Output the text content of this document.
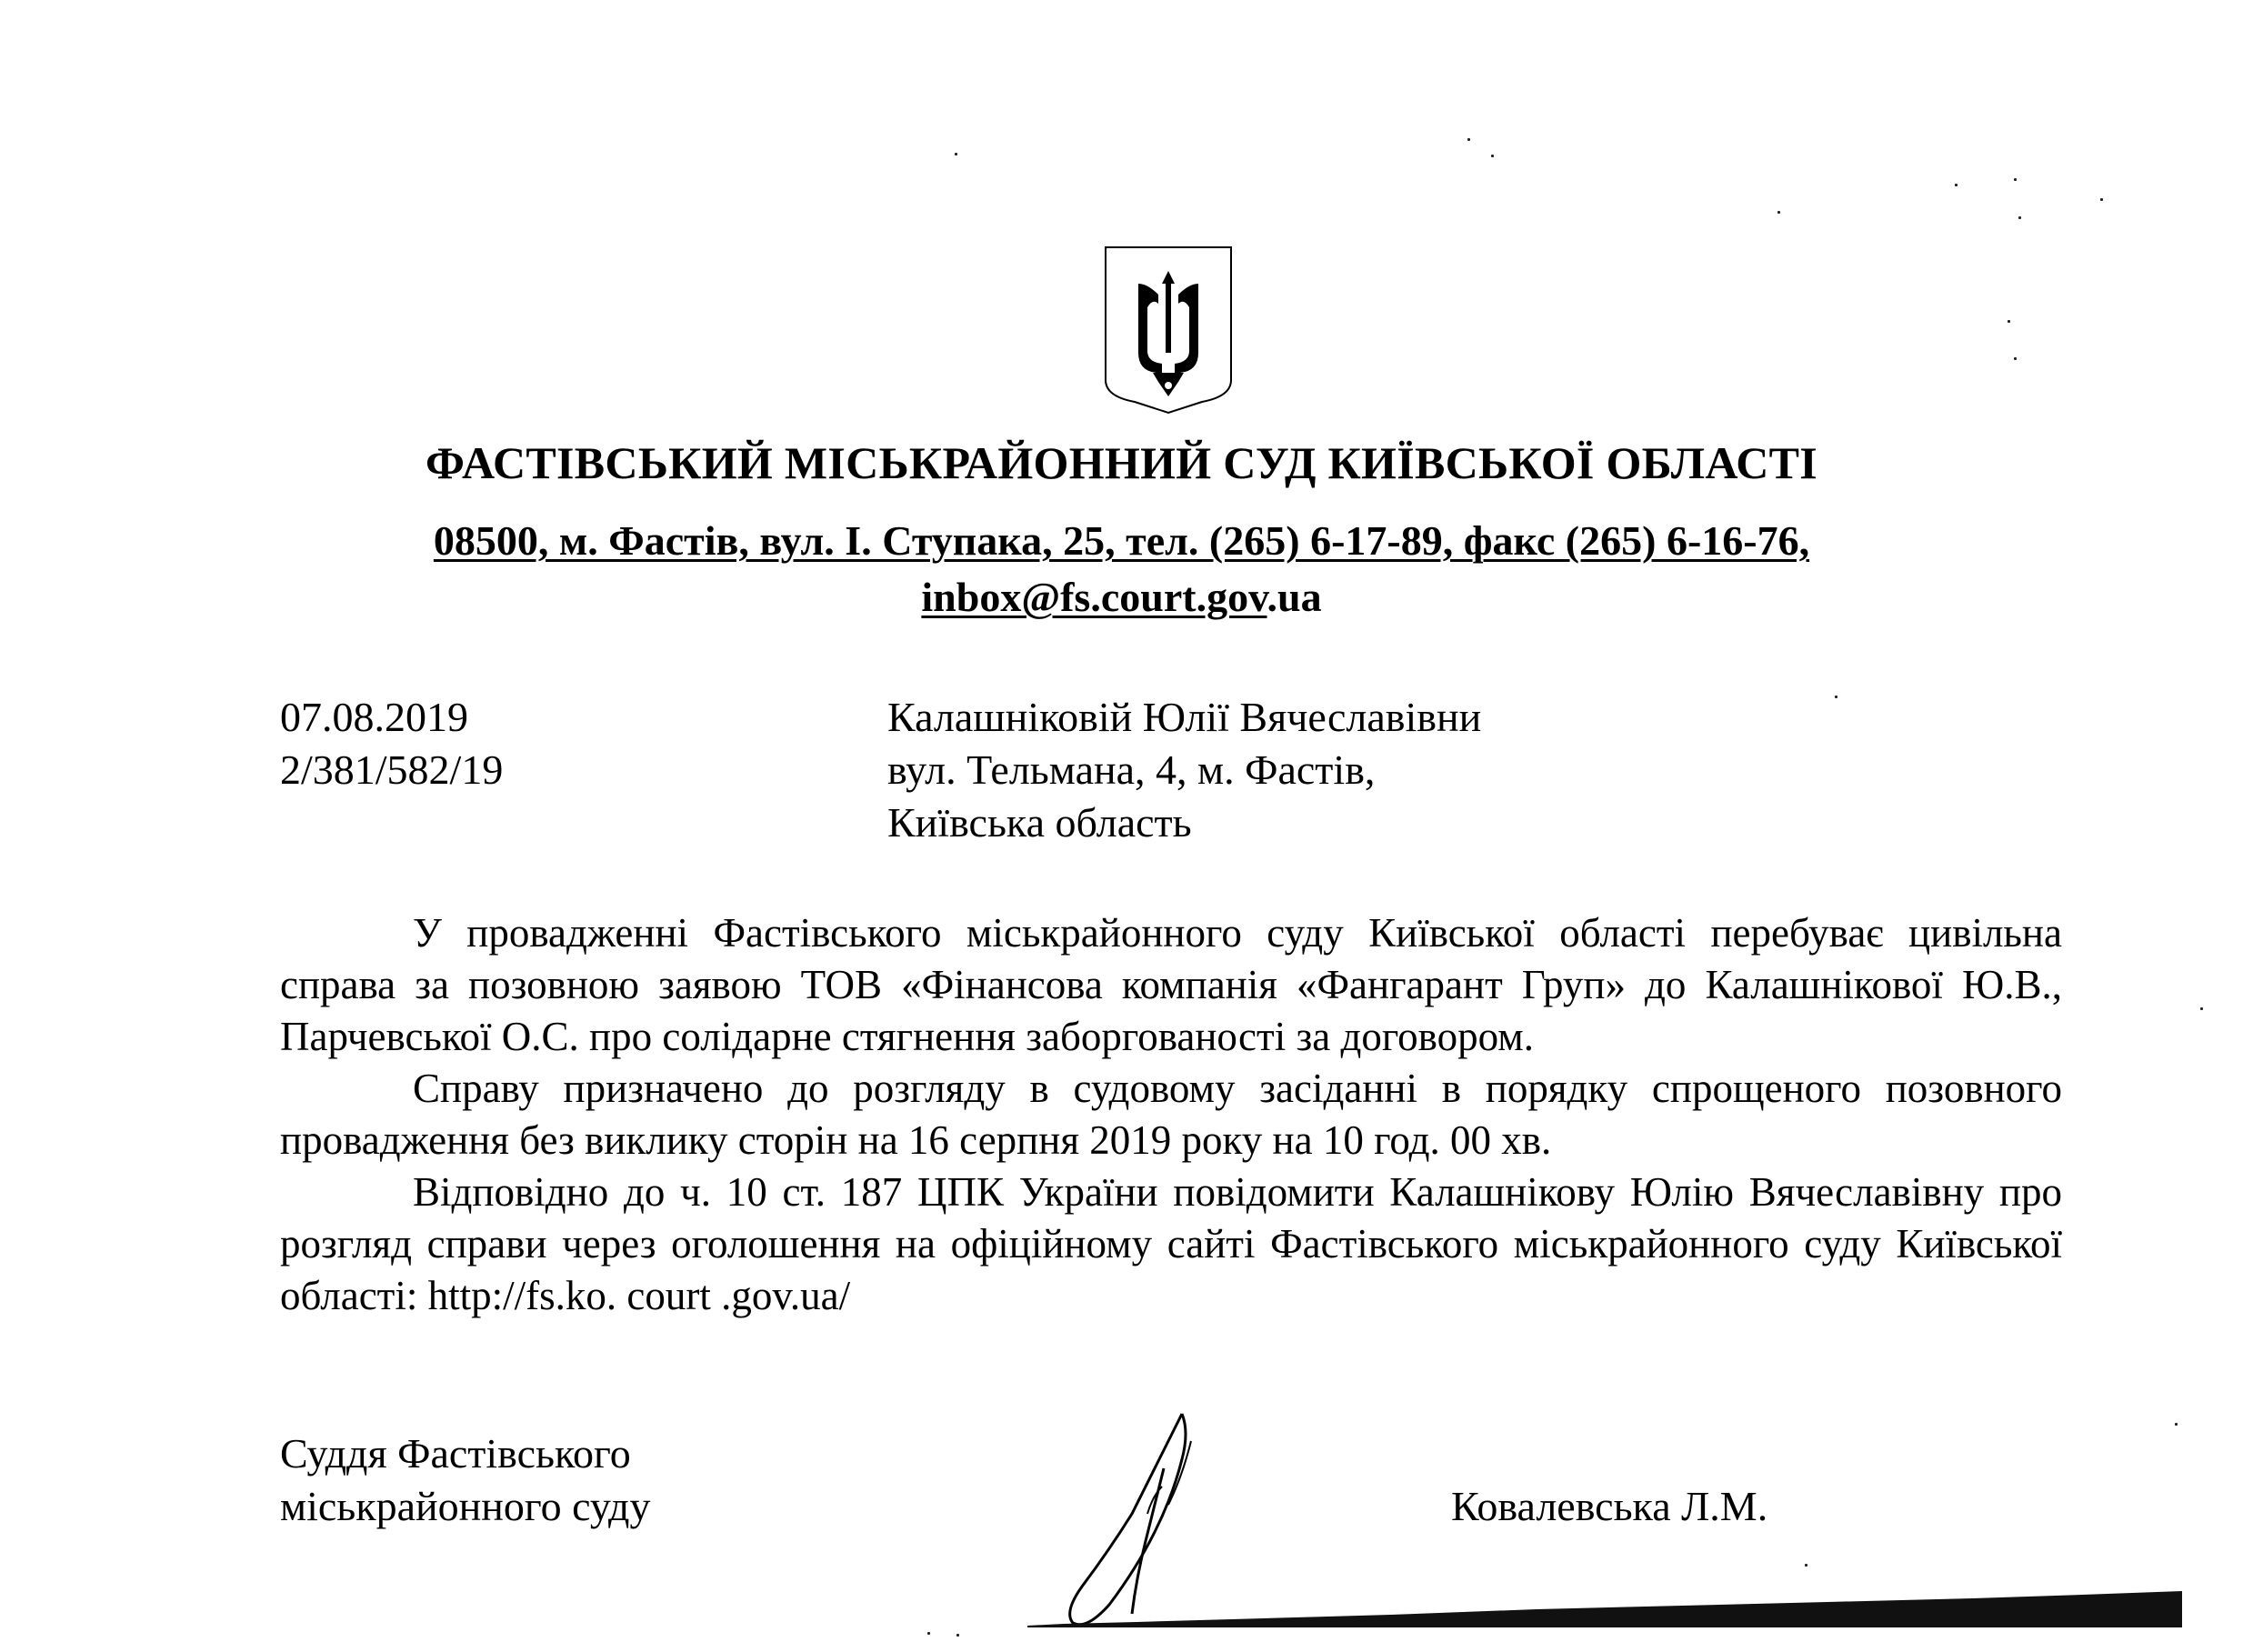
ФАСТІВСЬКИЙ МІСЬКРАЙОННИЙ СУД КИЇВСЬКОЇ ОБЛАСТІ
08500, м. Фастів, вул. І. Ступака, 25, тел. (265) 6-17-89, факс (265) 6-16-76,
inbox@fs.court.gov.ua
07.08.2019
2/381/582/19
Калашніковій Юлії Вячеславівни
вул. Тельмана, 4, м. Фастів,
Київська область

У провадженні Фастівського міськрайонного суду Київської області перебуває цивільна справа за позовною заявою ТОВ «Фінансова компанія «Фангарант Груп» до Калашнікової Ю.В., Парчевської О.С. про солідарне стягнення заборгованості за договором.

Справу призначено до розгляду в судовому засіданні в порядку спрощеного позовного провадження без виклику сторін на 16 серпня 2019 року на 10 год. 00 хв.

Відповідно до ч. 10 ст. 187 ЦПК України повідомити Калашнікову Юлію Вячеславівну про розгляд справи через оголошення на офіційному сайті Фастівського міськрайонного суду Київської області: http://fs.ko. court .gov.ua/

Суддя Фастівського
міськрайонного суду	Ковалевська Л.М.
